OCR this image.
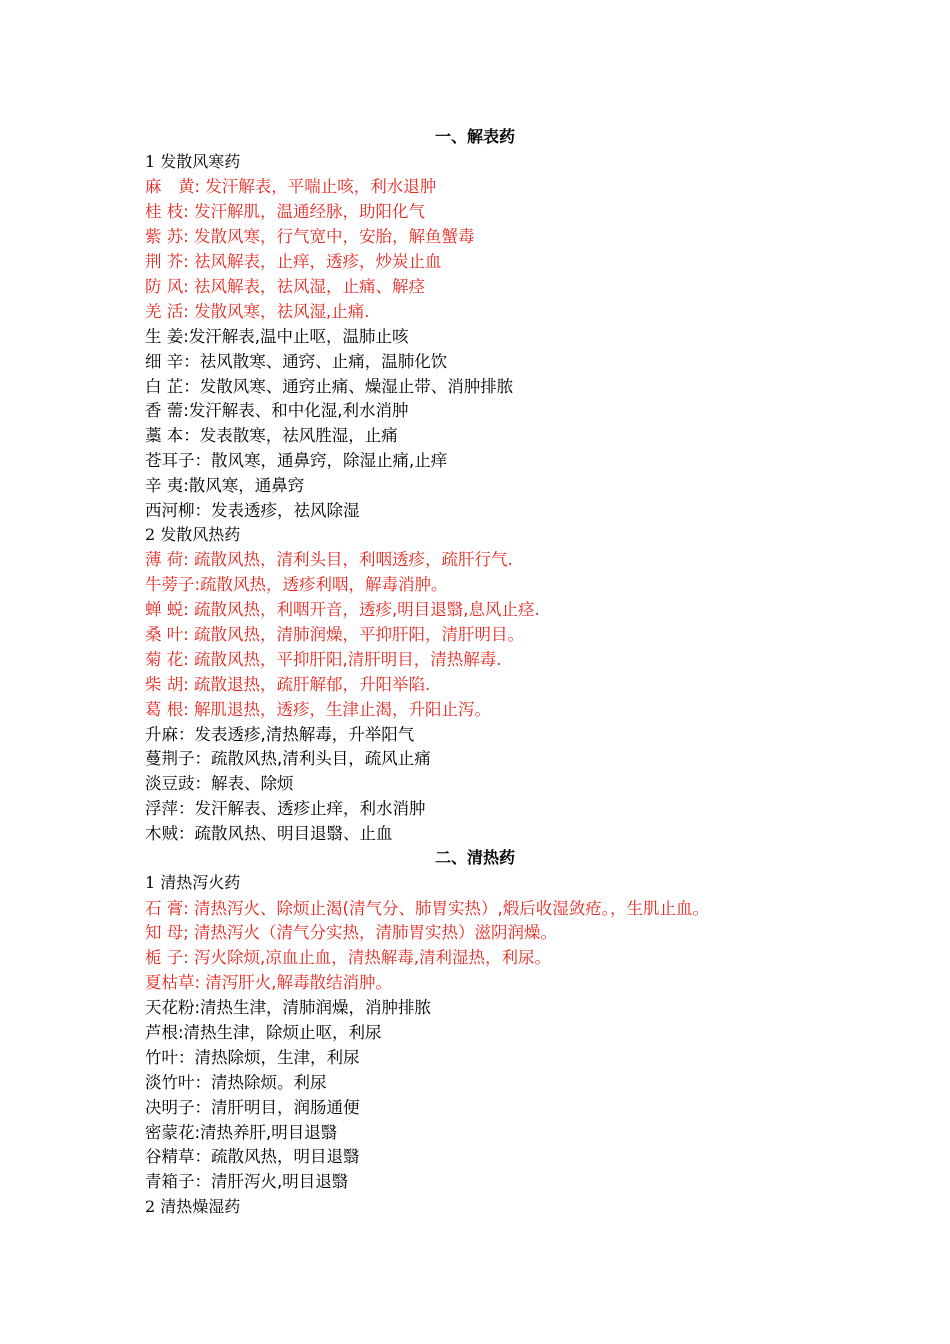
一、解表药
1 发散风寒药
麻　黄: 发汗解表，平喘止咳，利水退肿
桂 枝: 发汗解肌，温通经脉，助阳化气
紫 苏: 发散风寒，行气宽中，安胎，解鱼蟹毒
荆 芥: 祛风解表，止痒，透疹，炒炭止血
防 风: 祛风解表，祛风湿，止痛、解痉
羌 活: 发散风寒，祛风湿,止痛.
生 姜:发汗解表,温中止呕，温肺止咳
细 辛：祛风散寒、通窍、止痛，温肺化饮
白 芷：发散风寒、通窍止痛、燥湿止带、消肿排脓
香 薷:发汗解表、和中化湿,利水消肿
藁 本：发表散寒，祛风胜湿，止痛
苍耳子：散风寒，通鼻窍，除湿止痛,止痒
辛 夷:散风寒，通鼻窍
西河柳：发表透疹，祛风除湿
2 发散风热药
薄 荷: 疏散风热，清利头目，利咽透疹，疏肝行气.
牛蒡子:疏散风热，透疹利咽，解毒消肿。
蝉 蜕: 疏散风热，利咽开音，透疹,明目退翳,息风止痉.
桑 叶: 疏散风热，清肺润燥，平抑肝阳，清肝明目。
菊 花: 疏散风热，平抑肝阳,清肝明目，清热解毒.
柴 胡: 疏散退热，疏肝解郁，升阳举陷.
葛 根: 解肌退热，透疹，生津止渴，升阳止泻。
升麻：发表透疹,清热解毒，升举阳气
蔓荆子：疏散风热,清利头目，疏风止痛
淡豆豉：解表、除烦
浮萍：发汗解表、透疹止痒，利水消肿
木贼：疏散风热、明目退翳、止血
二、清热药
1 清热泻火药
石 膏: 清热泻火、除烦止渴(清气分、肺胃实热）,煅后收湿敛疮。，生肌止血。
知 母; 清热泻火（清气分实热，清肺胃实热）滋阴润燥。
栀 子: 泻火除烦,凉血止血，清热解毒,清利湿热，利尿。
夏枯草: 清泻肝火,解毒散结消肿。
天花粉:清热生津，清肺润燥，消肿排脓
芦根:清热生津，除烦止呕，利尿
竹叶：清热除烦，生津，利尿
淡竹叶：清热除烦。利尿
决明子：清肝明目，润肠通便
密蒙花:清热养肝,明目退翳
谷精草：疏散风热，明目退翳
青箱子：清肝泻火,明目退翳
2 清热燥湿药
